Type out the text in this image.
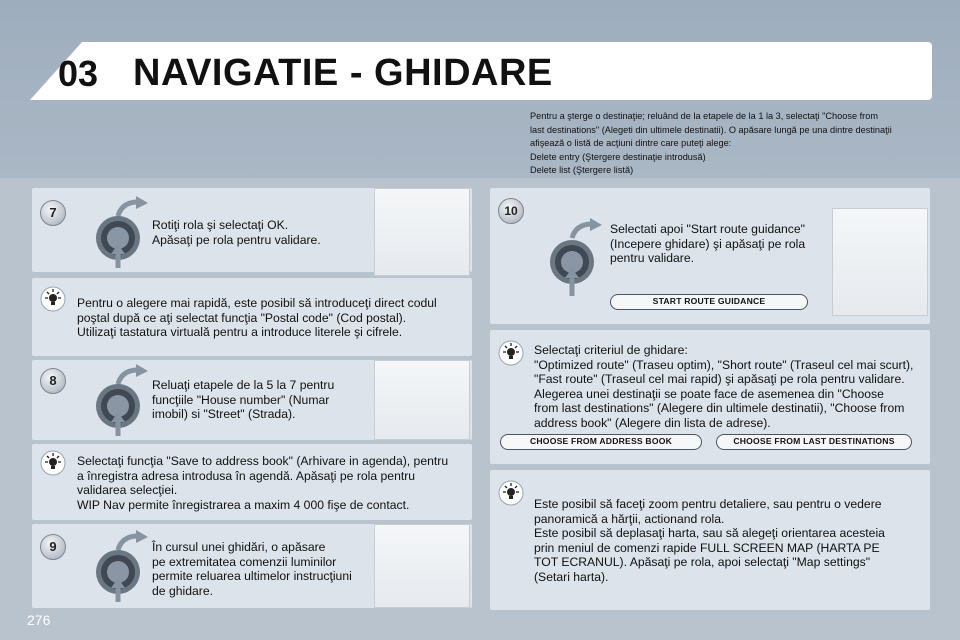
03 NAVIGATIE - GHIDARE
Pentru a şterge o destinaţie; reluând de la etapele de la 1 la 3, selectaţi "Choose from
last destinations" (Alegeti din ultimele destinatii). O apăsare lungă pe una dintre destinaţii
afişează o listă de acţiuni dintre care puteţi alege:
Delete entry (Ştergere destinaţie introdusă)
Delete list (Ştergere listă)
7
Rotiţi rola şi selectaţi OK.
Apăsaţi pe rola pentru validare.
Pentru o alegere mai rapidă, este posibil să introduceţi direct codul
poştal după ce aţi selectat funcţia "Postal code" (Cod postal).
Utilizaţi tastatura virtuală pentru a introduce literele şi cifrele.
8	Reluaţi etapele de la 5 la 7 pentru
funcţiile "House number" (Numar
imobil) si "Street" (Strada).
Selectaţi funcţia "Save to address book" (Arhivare in agenda), pentru
a înregistra adresa introdusa în agendă. Apăsaţi pe rola pentru
validarea selecţiei.
WIP Nav permite înregistrarea a maxim 4 000 fişe de contact.
9	În cursul unei ghidări, o apăsare
pe extremitatea comenzii luminilor
permite reluarea ultimelor instrucţiuni
de ghidare.
10
Selectati apoi "Start route guidance"
(Incepere ghidare) şi apăsaţi pe rola
pentru validare.
START ROUTE GUIDANCE
Selectaţi criteriul de ghidare:
"Optimized route" (Traseu optim), "Short route" (Traseul cel mai scurt),
"Fast route" (Traseul cel mai rapid) şi apăsaţi pe rola pentru validare.
Alegerea unei destinaţii se poate face de asemenea din "Choose
from last destinations" (Alegere din ultimele destinatii), "Choose from
address book" (Alegere din lista de adrese).
CHOOSE FROM ADDRESS BOOK	CHOOSE FROM LAST DESTINATIONS
Este posibil să faceţi zoom pentru detaliere, sau pentru o vedere
panoramică a hărţii, actionand rola.
Este posibil să deplasaţi harta, sau să alegeţi orientarea acesteia
prin meniul de comenzi rapide FULL SCREEN MAP (HARTA PE
TOT ECRANUL). Apăsaţi pe rola, apoi selectaţi "Map settings"
(Setari harta).
276
